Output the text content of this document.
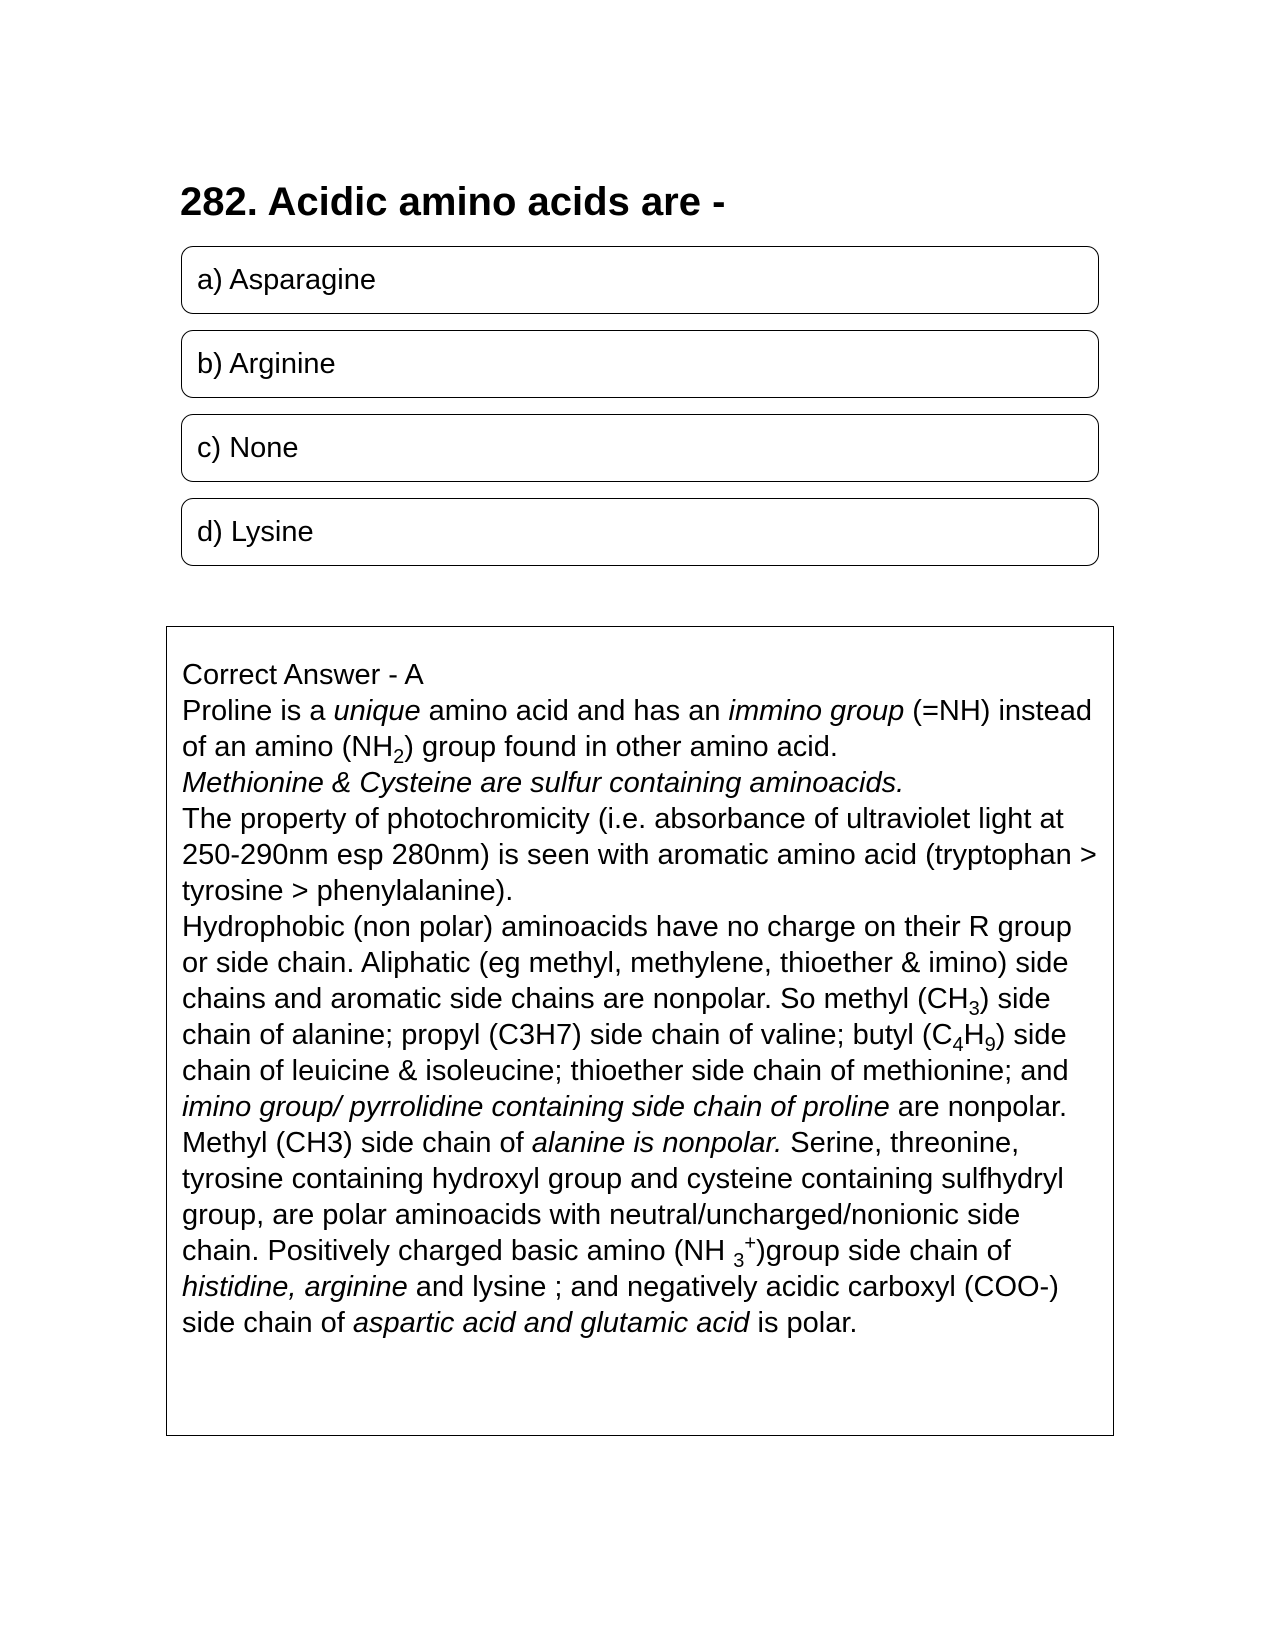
282. Acidic amino acids are -
a) Asparagine
b) Arginine
c) None
d) Lysine

Correct Answer - A

Proline is a unique amino acid and has an immino group (=NH) instead of an amino $(NH_2)$ group found in other amino acid.

Methionine & Cysteine are sulfur containing aminoacids.

The property of photochromicity (i.e. absorbance of ultraviolet light at 250-290nm esp 280nm) is seen with aromatic amino acid (tryptophan > tyrosine > phenylalanine).

Hydrophobic (non polar) aminoacids have no charge on their R group or side chain. Aliphatic (eg methyl, methylene, thioether & imino) side chains and aromatic side chains are nonpolar. So methyl $(CH_3)$ side chain of alanine; propyl (C3H7) side chain of valine; butyl $(C_4H_9)$ side chain of leuicine & isoleucine; thioether side chain of methionine; and imino group/ pyrrolidine containing side chain of proline are nonpolar.

Methyl (CH3) side chain of alanine is nonpolar. Serine, threonine, tyrosine containing hydroxyl group and cysteine containing sulfhydryl group, are polar aminoacids with neutral/uncharged/nonionic side chain. Positively charged basic amino (NH $_3$+)group side chain of histidine, arginine and lysine ; and negatively acidic carboxyl (COO-) side chain of aspartic acid and glutamic acid is polar.
